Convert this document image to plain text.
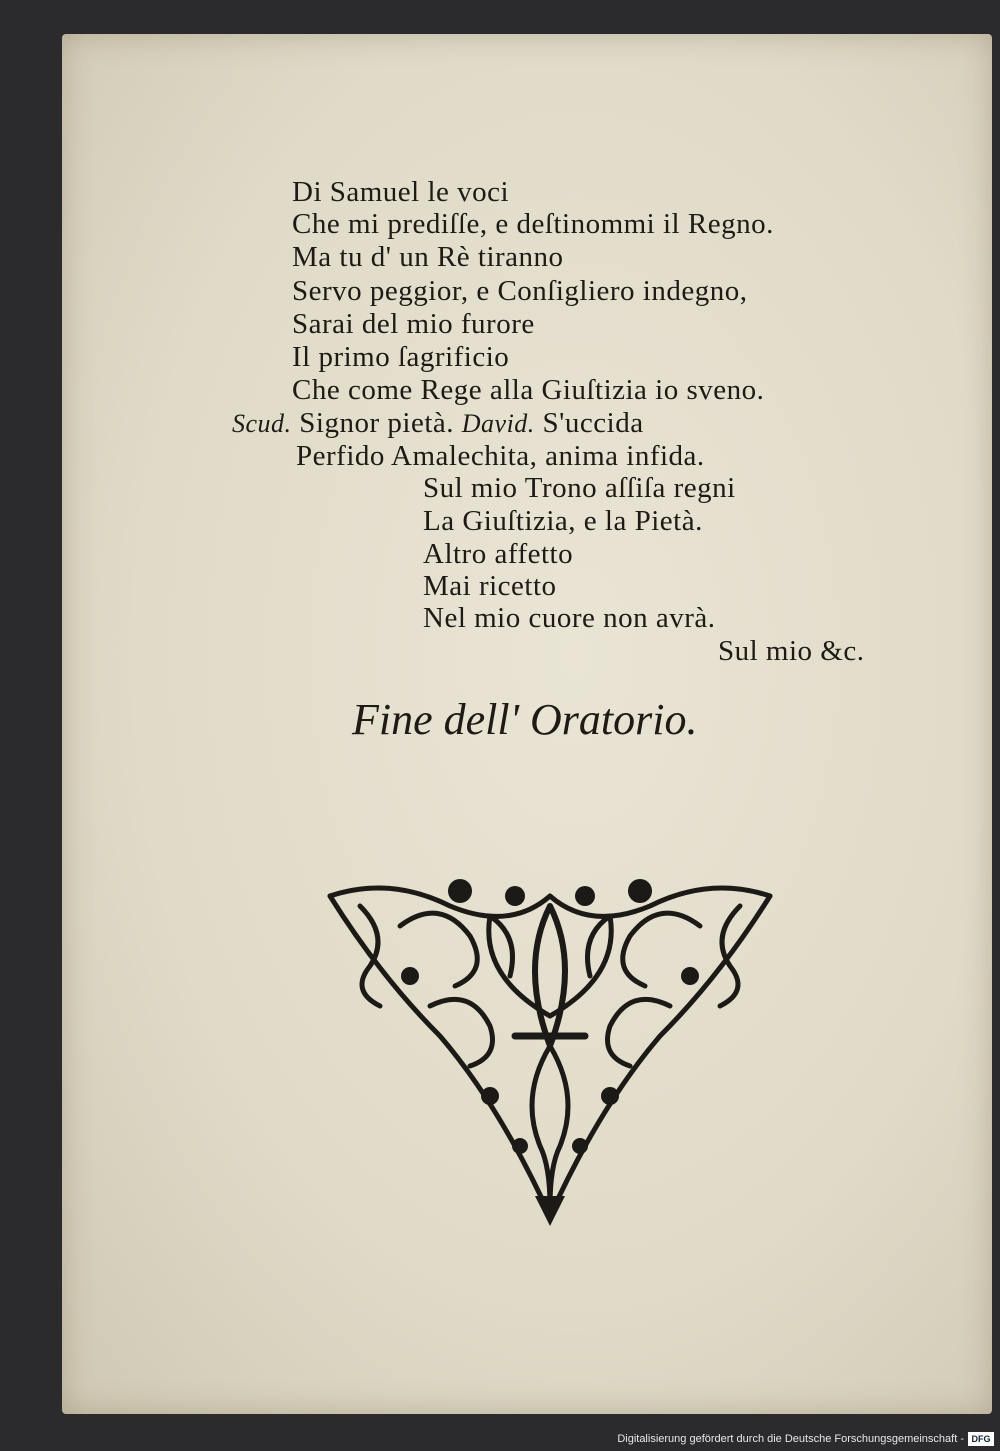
Di Samuel le voci
Che mi prediſſe, e deſtinommi il Regno.
Ma tu d' un Rè tiranno
Servo peggior, e Conſigliero indegno,
Sarai del mio furore
Il primo ſagrificio
Che come Rege alla Giuſtizia io sveno.
Scud. Signor pietà. David. S'uccida
Perfido Amalechita, anima infida.
Sul mio Trono aſſiſa regni
La Giuſtizia, e la Pietà.
Altro affetto
Mai ricetto
Nel mio cuore non avrà.
Sul mio &c.
Fine dell' Oratorio.
Digitalisierung gefördert durch die Deutsche Forschungsgemeinschaft - DFG
